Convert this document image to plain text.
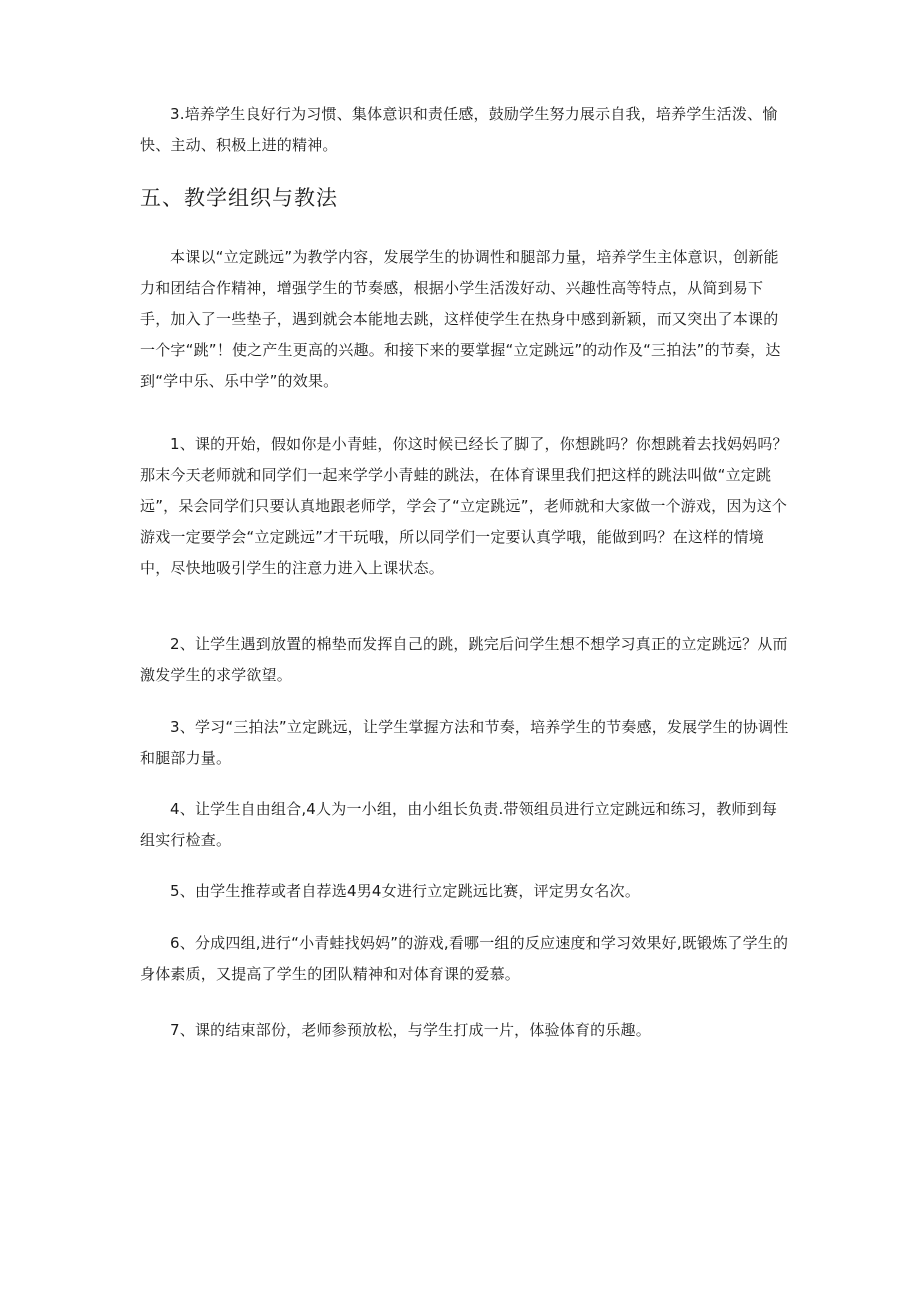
3.培养学生良好行为习惯、集体意识和责任感，鼓励学生努力展示自我，培养学生活泼、愉快、主动、积极上进的精神。

五、教学组织与教法

本课以“立定跳远”为教学内容，发展学生的协调性和腿部力量，培养学生主体意识，创新能力和团结合作精神，增强学生的节奏感，根据小学生活泼好动、兴趣性高等特点，从简到易下手，加入了一些垫子，遇到就会本能地去跳，这样使学生在热身中感到新颖，而又突出了本课的一个字“跳”！使之产生更高的兴趣。和接下来的要掌握“立定跳远”的动作及“三拍法”的节奏，达到“学中乐、乐中学”的效果。

1、课的开始，假如你是小青蛙，你这时候已经长了脚了，你想跳吗？你想跳着去找妈妈吗？那末今天老师就和同学们一起来学学小青蛙的跳法，在体育课里我们把这样的跳法叫做“立定跳远”，呆会同学们只要认真地跟老师学，学会了“立定跳远”，老师就和大家做一个游戏，因为这个游戏一定要学会“立定跳远”才干玩哦，所以同学们一定要认真学哦，能做到吗？在这样的情境中，尽快地吸引学生的注意力进入上课状态。

2、让学生遇到放置的棉垫而发挥自己的跳，跳完后问学生想不想学习真正的立定跳远？从而激发学生的求学欲望。

3、学习“三拍法”立定跳远，让学生掌握方法和节奏，培养学生的节奏感，发展学生的协调性和腿部力量。

4、让学生自由组合,4人为一小组，由小组长负责.带领组员进行立定跳远和练习，教师到每组实行检查。

5、由学生推荐或者自荐选4男4女进行立定跳远比赛，评定男女名次。

6、分成四组,进行“小青蛙找妈妈”的游戏,看哪一组的反应速度和学习效果好,既锻炼了学生的身体素质，又提高了学生的团队精神和对体育课的爱慕。

7、课的结束部份，老师参预放松，与学生打成一片，体验体育的乐趣。
